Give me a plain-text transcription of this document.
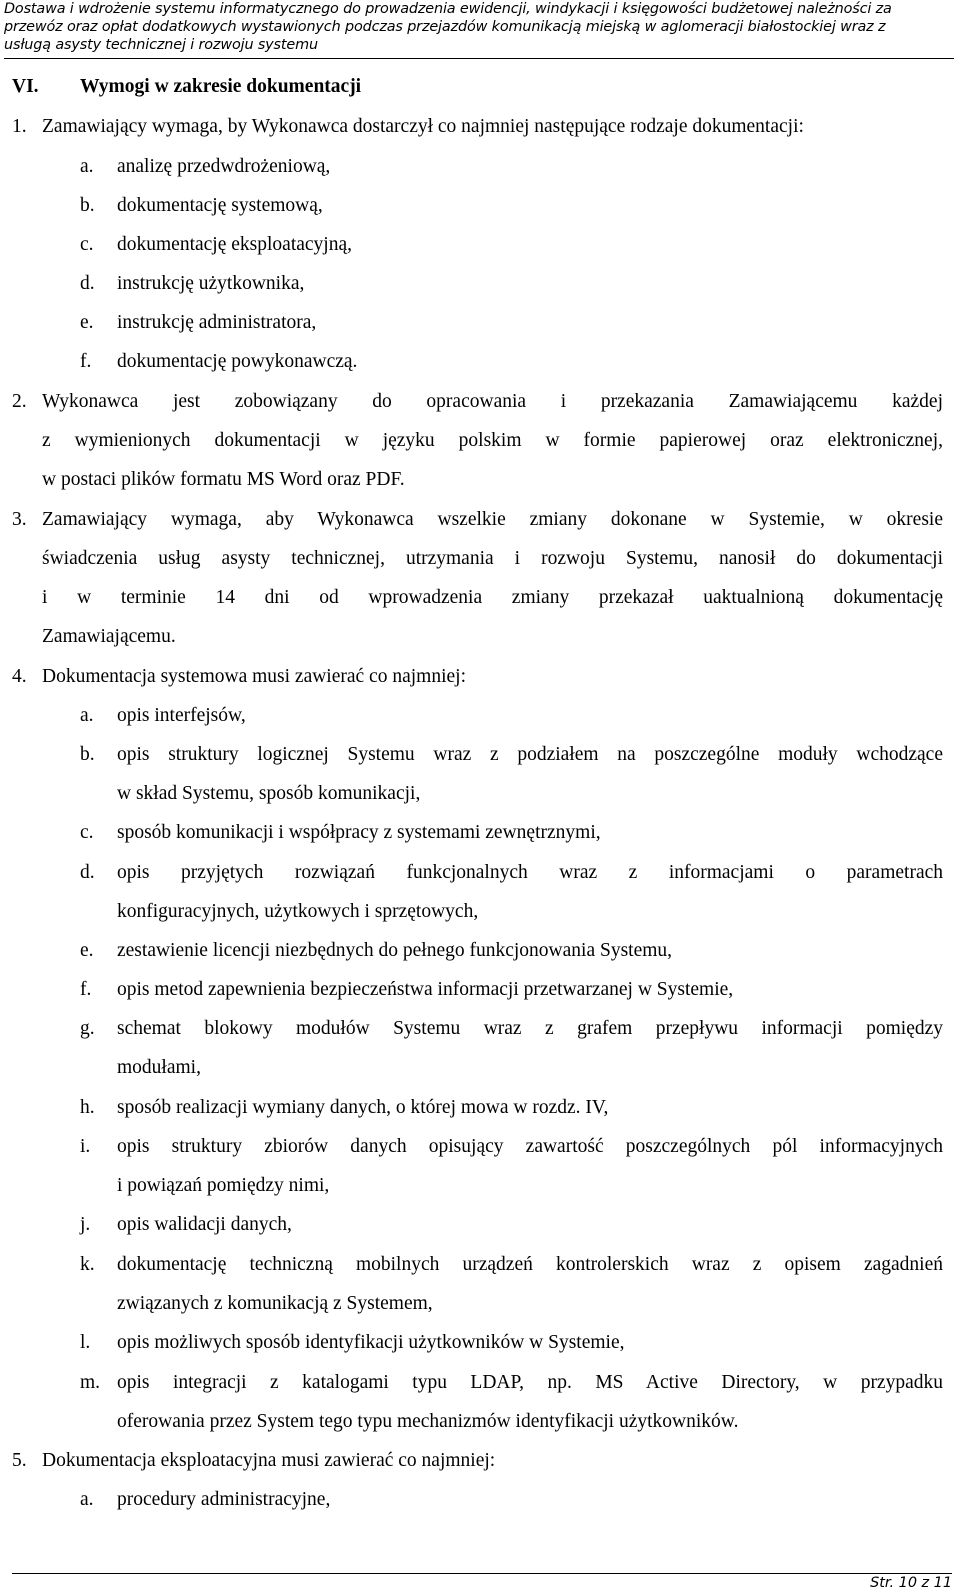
Dostawa i wdrożenie systemu informatycznego do prowadzenia ewidencji, windykacji i księgowości budżetowej należności za
przewóz oraz opłat dodatkowych wystawionych podczas przejazdów komunikacją miejską w aglomeracji białostockiej wraz z
usługą asysty technicznej i rozwoju systemu
VI. Wymogi w zakresie dokumentacji
1. Zamawiający wymaga, by Wykonawca dostarczył co najmniej następujące rodzaje dokumentacji:
a. analizę przedwdrożeniową,
b. dokumentację systemową,
c. dokumentację eksploatacyjną,
d. instrukcję użytkownika,
e. instrukcję administratora,
f. dokumentację powykonawczą.
2. Wykonawca jest zobowiązany do opracowania i przekazania Zamawiającemu każdej
z wymienionych dokumentacji w języku polskim w formie papierowej oraz elektronicznej,
w postaci plików formatu MS Word oraz PDF.
3. Zamawiający wymaga, aby Wykonawca wszelkie zmiany dokonane w Systemie, w okresie
świadczenia usług asysty technicznej, utrzymania i rozwoju Systemu, nanosił do dokumentacji
i w terminie 14 dni od wprowadzenia zmiany przekazał uaktualnioną dokumentację
Zamawiającemu.
4. Dokumentacja systemowa musi zawierać co najmniej:
a. opis interfejsów,
b. opis struktury logicznej Systemu wraz z podziałem na poszczególne moduły wchodzące
w skład Systemu, sposób komunikacji,
c. sposób komunikacji i współpracy z systemami zewnętrznymi,
d. opis przyjętych rozwiązań funkcjonalnych wraz z informacjami o parametrach
konfiguracyjnych, użytkowych i sprzętowych,
e. zestawienie licencji niezbędnych do pełnego funkcjonowania Systemu,
f. opis metod zapewnienia bezpieczeństwa informacji przetwarzanej w Systemie,
g. schemat blokowy modułów Systemu wraz z grafem przepływu informacji pomiędzy
modułami,
h. sposób realizacji wymiany danych, o której mowa w rozdz. IV,
i. opis struktury zbiorów danych opisujący zawartość poszczególnych pól informacyjnych
i powiązań pomiędzy nimi,
j. opis walidacji danych,
k. dokumentację techniczną mobilnych urządzeń kontrolerskich wraz z opisem zagadnień
związanych z komunikacją z Systemem,
l. opis możliwych sposób identyfikacji użytkowników w Systemie,
m. opis integracji z katalogami typu LDAP, np. MS Active Directory, w przypadku
oferowania przez System tego typu mechanizmów identyfikacji użytkowników.
5. Dokumentacja eksploatacyjna musi zawierać co najmniej:
a. procedury administracyjne,
Str. 10 z 11
